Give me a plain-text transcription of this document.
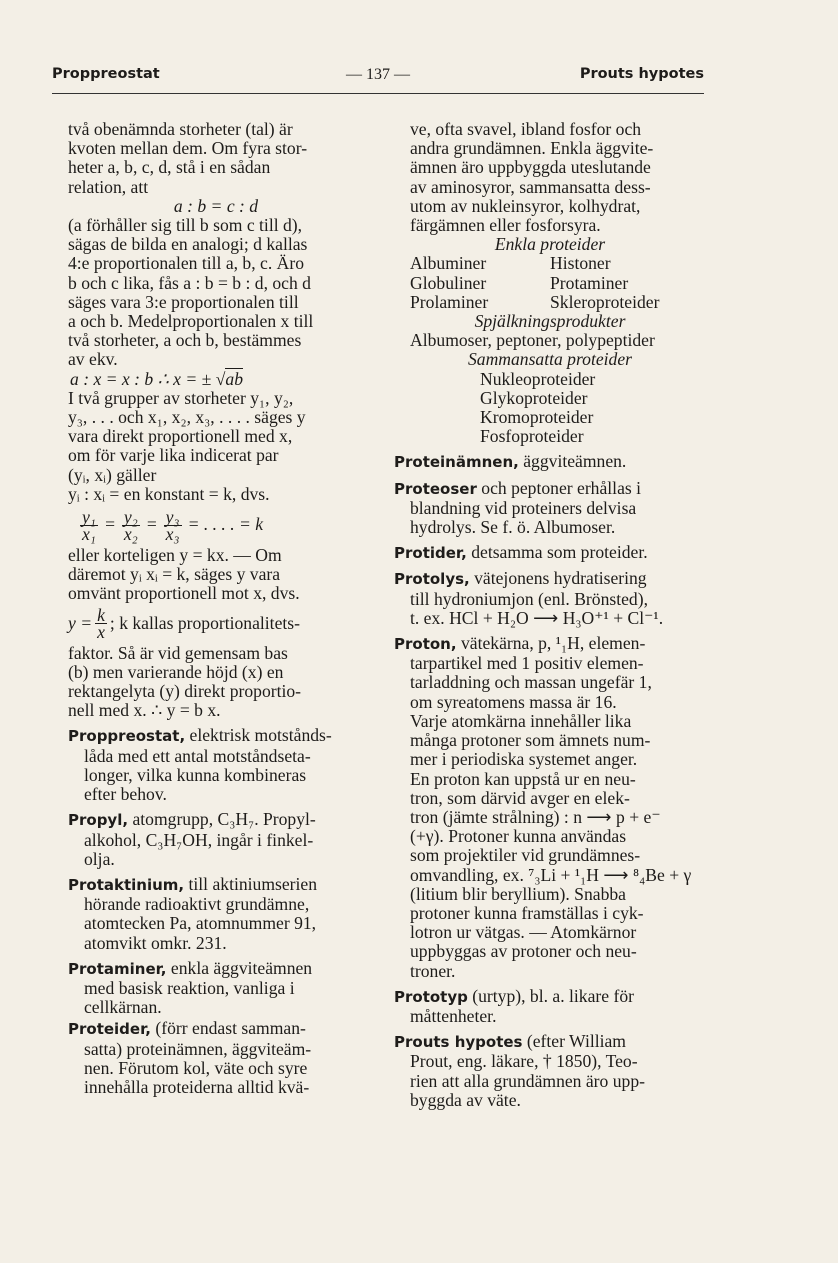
Proppreostat	— 137 —	Prouts hypotes

två obenämnda storheter (tal) är

kvoten mellan dem. Om fyra stor-

heter a, b, c, d, stå i en sådan

relation, att

a : b = c : d

(a förhåller sig till b som c till d),

sägas de bilda en analogi; d kallas

4:e proportionalen till a, b, c. Äro

b och c lika, fås a : b = b : d, och d

säges vara 3:e proportionalen till

a och b. Medelproportionalen x till

två storheter, a och b, bestämmes

av ekv.

a : x = x : b ∴ x = ± √ab

I två grupper av storheter y₁, y₂,

y₃, . . . och x₁, x₂, x₃, . . . . säges y

vara direkt proportionell med x,

om för varje lika indicerat par

(yᵢ, xᵢ) gäller

yᵢ : xᵢ = en konstant = k, dvs.

$\frac{\text{y₁}}{\text{x₁}} = \frac{\text{y₂}}{\text{x₂}} = \frac{\text{y₃}}{\text{x₃}}$ = . . . . = k

eller korteligen y = kx. — Om

däremot yᵢ xᵢ = k, säges y vara

omvänt proportionell mot x, dvs.

$y = \frac{k}{x}$ ; k kallas proportionalitets-

faktor. Så är vid gemensam bas

(b) men varierande höjd (x) en

rektangelyta (y) direkt proportio-

nell med x. ∴ y = b x.

Proppreostat, elektrisk motstånds-

låda med ett antal motståndseta-

longer, vilka kunna kombineras

efter behov.

Propyl, atomgrupp, C₃H₇. Propyl-

alkohol, C₃H₇OH, ingår i finkel-

olja.

Protaktinium, till aktiniumserien

hörande radioaktivt grundämne,

atomtecken Pa, atomnummer 91,

atomvikt omkr. 231.

Protaminer, enkla äggviteämnen

med basisk reaktion, vanliga i

cellkärnan.

Proteider, (förr endast samman-

satta) proteinämnen, äggviteäm-

nen. Förutom kol, väte och syre

innehålla proteiderna alltid kvä-

ve, ofta svavel, ibland fosfor och

andra grundämnen. Enkla äggvite-

ämnen äro uppbyggda uteslutande

av aminosyror, sammansatta dess-

utom av nukleinsyror, kolhydrat,

färgämnen eller fosforsyra.

Enkla proteider

Albuminer	Histoner
Globuliner	Protaminer
Prolaminer	Skleroproteider

Spjälkningsprodukter

Albumoser, peptoner, polypeptider

Sammansatta proteider

Nukleoproteider

Glykoproteider

Kromoproteider

Fosfoproteider

Proteinämnen, äggviteämnen.

Proteoser och peptoner erhållas i

blandning vid proteiners delvisa

hydrolys. Se f. ö. Albumoser.

Protider, detsamma som proteider.

Protolys, vätejonens hydratisering

till hydroniumjon (enl. Brönsted),

t. ex. HCl + H₂O ⟶ H₃O⁺¹ + Cl⁻¹.

Proton, vätekärna, p, ¹₁H, elemen-

tarpartikel med 1 positiv elemen-

tarladdning och massan ungefär 1,

om syreatomens massa är 16.

Varje atomkärna innehåller lika

många protoner som ämnets num-

mer i periodiska systemet anger.

En proton kan uppstå ur en neu-

tron, som därvid avger en elek-

tron (jämte strålning) : n ⟶ p + e⁻

(+γ). Protoner kunna användas

som projektiler vid grundämnes-

omvandling, ex. ⁷₃Li + ¹₁H ⟶ ⁸₄Be + γ

(litium blir beryllium). Snabba

protoner kunna framställas i cyk-

lotron ur vätgas. — Atomkärnor

uppbyggas av protoner och neu-

troner.

Prototyp (urtyp), bl. a. likare för

måttenheter.

Prouts hypotes (efter William

Prout, eng. läkare, † 1850), Teo-

rien att alla grundämnen äro upp-

byggda av väte.
